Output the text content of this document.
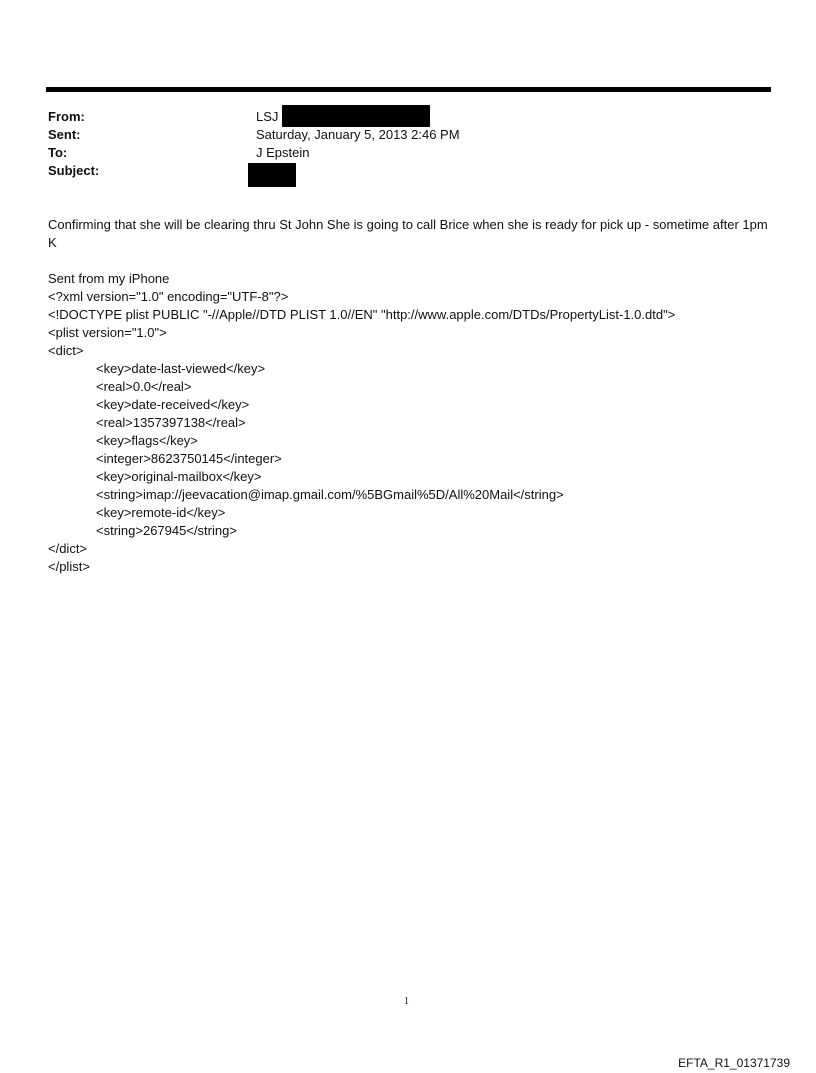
From:	LSJ
Sent:	Saturday, January 5, 2013 2:46 PM
To:	J Epstein
Subject:

Confirming that she will be clearing thru St John She is going to call Brice when she is ready for pick up - sometime after 1pm K

Sent from my iPhone

<?xml version="1.0" encoding="UTF-8"?>
<!DOCTYPE plist PUBLIC "-//Apple//DTD PLIST 1.0//EN" "http://www.apple.com/DTDs/PropertyList-1.0.dtd">
<plist version="1.0">
<dict>
<key>date-last-viewed</key>
<real>0.0</real>
<key>date-received</key>
<real>1357397138</real>
<key>flags</key>
<integer>8623750145</integer>
<key>original-mailbox</key>
<string>imap://jeevacation@imap.gmail.com/%5BGmail%5D/All%20Mail</string>
<key>remote-id</key>
<string>267945</string>
</dict>
</plist>
1
EFTA_R1_01371739
